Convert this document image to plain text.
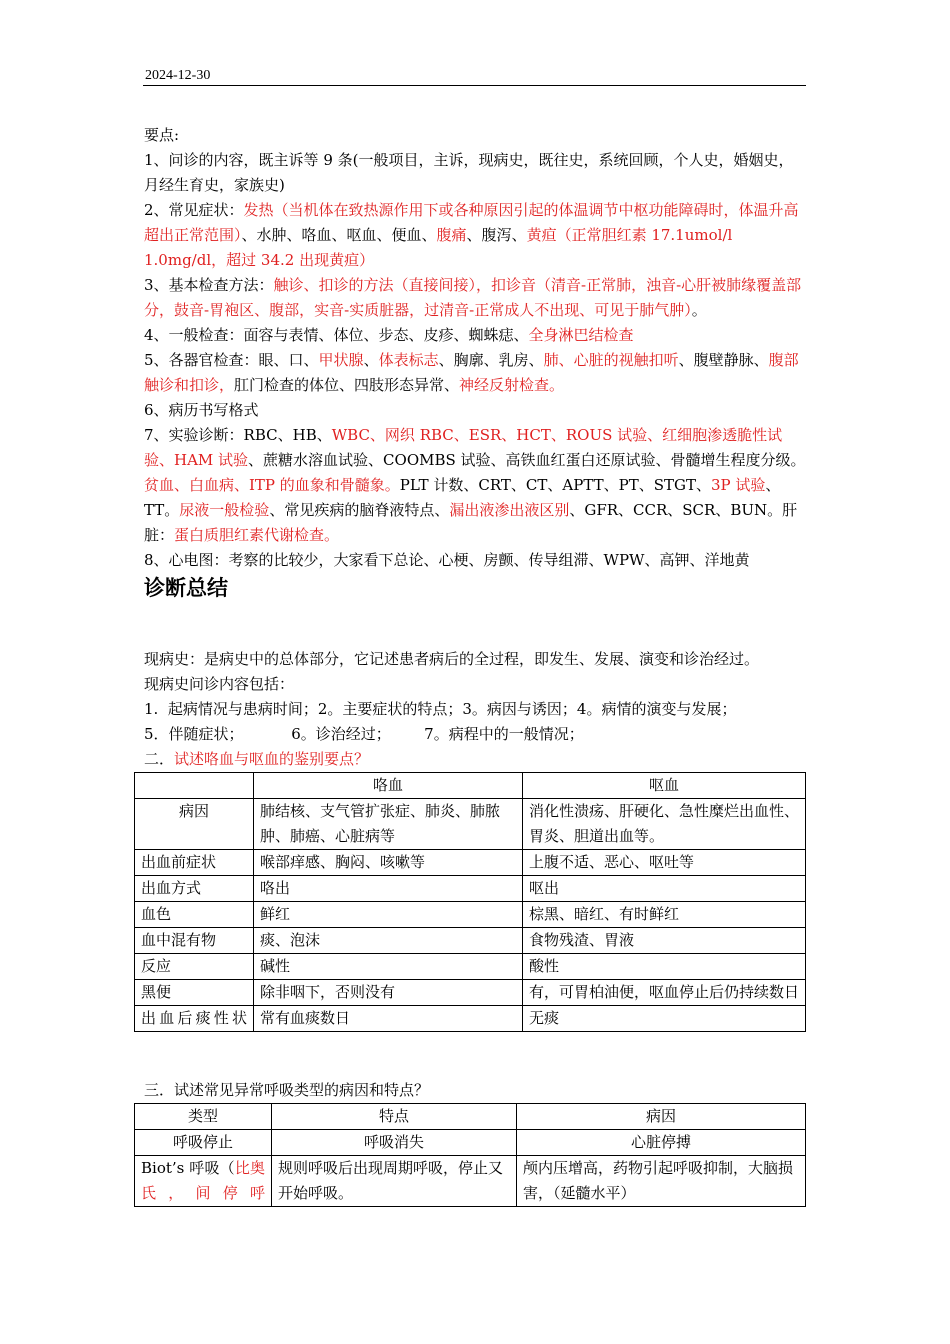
2024-12-30

要点:

1、问诊的内容，既主诉等 9 条(一般项目，主诉，现病史，既往史，系统回顾，个人史，婚姻史，月经生育史，家族史)

2、常见症状：发热（当机体在致热源作用下或各种原因引起的体温调节中枢功能障碍时，体温升高超出正常范围）、水肿、咯血、呕血、便血、腹痛、腹泻、黄疸（正常胆红素 17.1umol/l 1.0mg/dl，超过 34.2 出现黄疸）

3、基本检查方法：触诊、扣诊的方法（直接间接），扣诊音（清音-正常肺，浊音-心肝被肺缘覆盖部分，鼓音-胃袍区、腹部，实音-实质脏器，过清音-正常成人不出现、可见于肺气肿）。

4、一般检查：面容与表情、体位、步态、皮疹、蜘蛛痣、全身淋巴结检查

5、各器官检查：眼、口、甲状腺、体表标志、胸廓、乳房、肺、心脏的视触扣听、腹壁静脉、腹部触诊和扣诊，肛门检查的体位、四肢形态异常、神经反射检查。

6、病历书写格式

7、实验诊断：RBC、HB、WBC、网织 RBC、ESR、HCT、ROUS 试验、红细胞渗透脆性试验、HAM 试验、蔗糖水溶血试验、COOMBS 试验、高铁血红蛋白还原试验、骨髓增生程度分级。贫血、白血病、ITP 的血象和骨髓象。PLT 计数、CRT、CT、APTT、PT、STGT、3P 试验、TT。尿液一般检验、常见疾病的脑脊液特点、漏出液渗出液区别、GFR、CCR、SCR、BUN。肝脏：蛋白质胆红素代谢检查。

8、心电图：考察的比较少，大家看下总论、心梗、房颤、传导组滞、WPW、高钾、洋地黄

诊断总结

现病史：是病史中的总体部分，它记述患者病后的全过程，即发生、发展、演变和诊治经过。

现病史问诊内容包括：

1.  起病情况与患病时间；2。主要症状的特点；3。病因与诱因；4。病情的演变与发展；

5．伴随症状；          6。诊治经过；       7。病程中的一般情况；

二．试述咯血与呕血的鉴别要点？

	咯血	呕血
病因	肺结核、支气管扩张症、肺炎、肺脓肿、肺癌、心脏病等	消化性溃疡、肝硬化、急性糜烂出血性、胃炎、胆道出血等。
出血前症状	喉部痒感、胸闷、咳嗽等	上腹不适、恶心、呕吐等
出血方式	咯出	呕出
血色	鲜红	棕黑、暗红、有时鲜红
血中混有物	痰、泡沫	食物残渣、胃液
反应	碱性	酸性
黑便	除非咽下，否则没有	有，可胃柏油便，呕血停止后仍持续数日
出血后痰性状	常有血痰数日	无痰
三．试述常见异常呼吸类型的病因和特点？
类型	特点	病因
呼吸停止	呼吸消失	心脏停搏
Biot’s 呼吸（比奥氏，间停呼	规则呼吸后出现周期呼吸，停止又开始呼吸。	颅内压增高，药物引起呼吸抑制，大脑损害，（延髓水平）
